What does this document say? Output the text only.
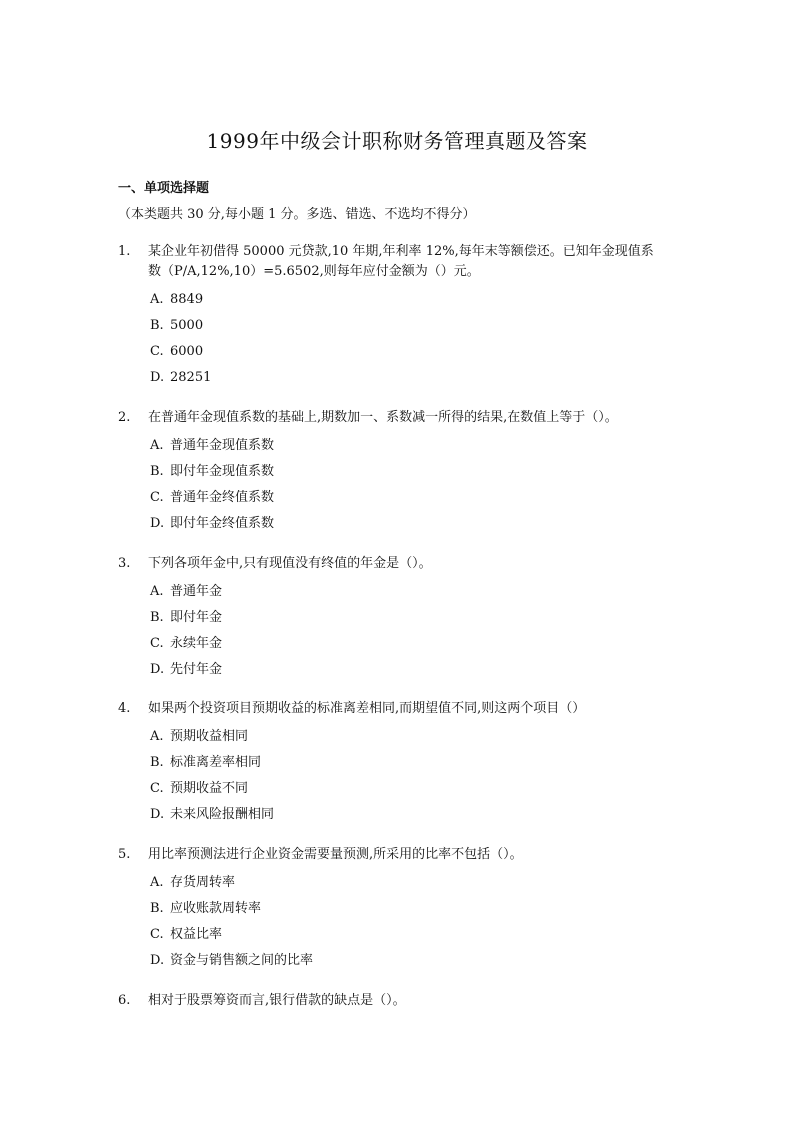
1999年中级会计职称财务管理真题及答案
一、单项选择题
（本类题共 30 分,每小题 1 分。多选、错选、不选均不得分）
1.	某企业年初借得 50000 元贷款,10 年期,年利率 12%,每年末等额偿还。已知年金现值系
数（P/A,12%,10）=5.6502,则每年应付金额为（）元。
A. 8849
B. 5000
C. 6000
D. 28251
2.	在普通年金现值系数的基础上,期数加一、系数减一所得的结果,在数值上等于（）。
A. 普通年金现值系数
B. 即付年金现值系数
C. 普通年金终值系数
D. 即付年金终值系数
3.	下列各项年金中,只有现值没有终值的年金是（）。
A. 普通年金
B. 即付年金
C. 永续年金
D. 先付年金
4.	如果两个投资项目预期收益的标准离差相同,而期望值不同,则这两个项目（）
A. 预期收益相同
B. 标准离差率相同
C. 预期收益不同
D. 未来风险报酬相同
5.	用比率预测法进行企业资金需要量预测,所采用的比率不包括（）。
A. 存货周转率
B. 应收账款周转率
C. 权益比率
D. 资金与销售额之间的比率
6.	相对于股票筹资而言,银行借款的缺点是（）。
